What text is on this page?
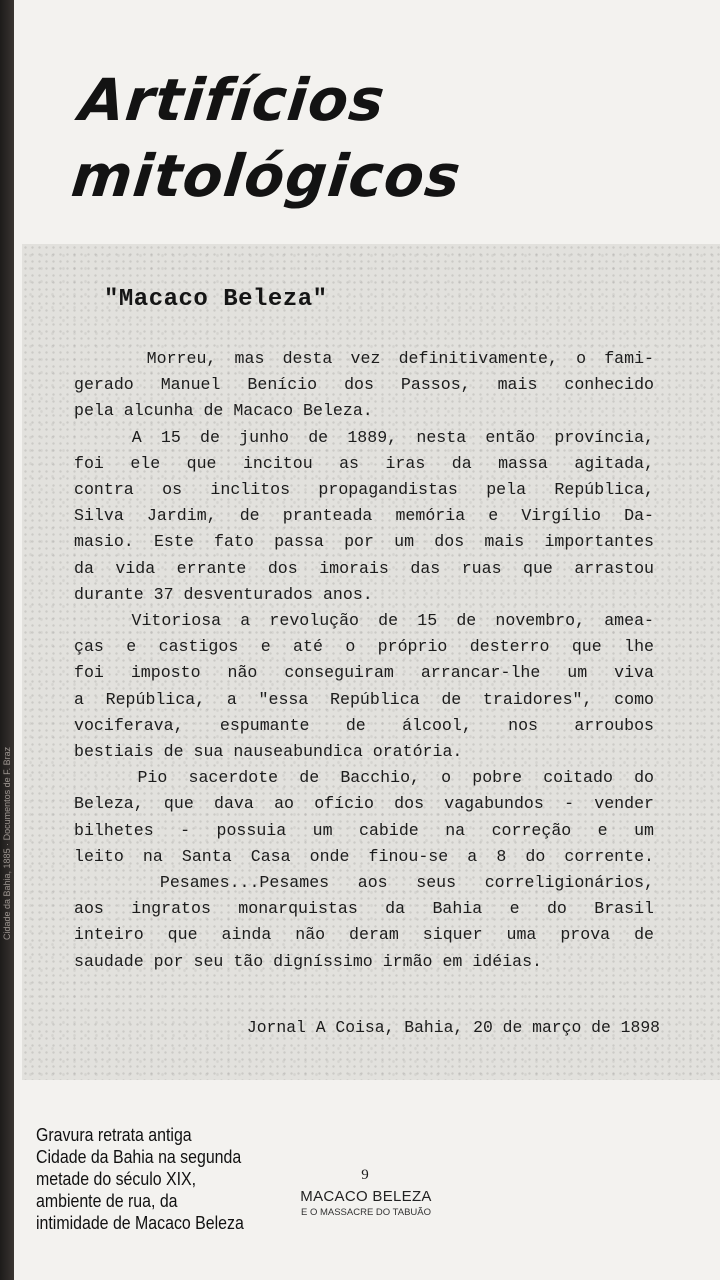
Cidade da Bahia, 1885 · Documentos de F. Braz
Artifícios
mitológicos
"Macaco Beleza"
Morreu, mas desta vez definitivamente, o fami-
gerado Manuel Benício dos Passos, mais conhecido
pela alcunha de Macaco Beleza.
A 15 de junho de 1889, nesta então província,
foi ele que incitou as iras da massa agitada,
contra os inclitos propagandistas pela República,
Silva Jardim, de pranteada memória e Virgílio Da-
masio. Este fato passa por um dos mais importantes
da vida errante dos imorais das ruas que arrastou
durante 37 desventurados anos.
Vitoriosa a revolução de 15 de novembro, amea-
ças e castigos e até o próprio desterro que lhe
foi imposto não conseguiram arrancar-lhe um viva
a República, a "essa República de traidores", como
vociferava, espumante de álcool, nos arroubos
bestiais de sua nauseabundica oratória.
Pio sacerdote de Bacchio, o pobre coitado do
Beleza, que dava ao ofício dos vagabundos - vender
bilhetes - possuia um cabide na correção e um
leito na Santa Casa onde finou-se a 8 do corrente.
Pesames...Pesames aos seus correligionários,
aos ingratos monarquistas da Bahia e do Brasil
inteiro que ainda não deram siquer uma prova de
saudade por seu tão digníssimo irmão em idéias.
Jornal A Coisa, Bahia, 20 de março de 1898
Gravura retrata antiga
Cidade da Bahia na segunda
metade do século XIX,
ambiente de rua, da
intimidade de Macaco Beleza
9
MACACO BELEZA
E O MASSACRE DO TABUÃO
